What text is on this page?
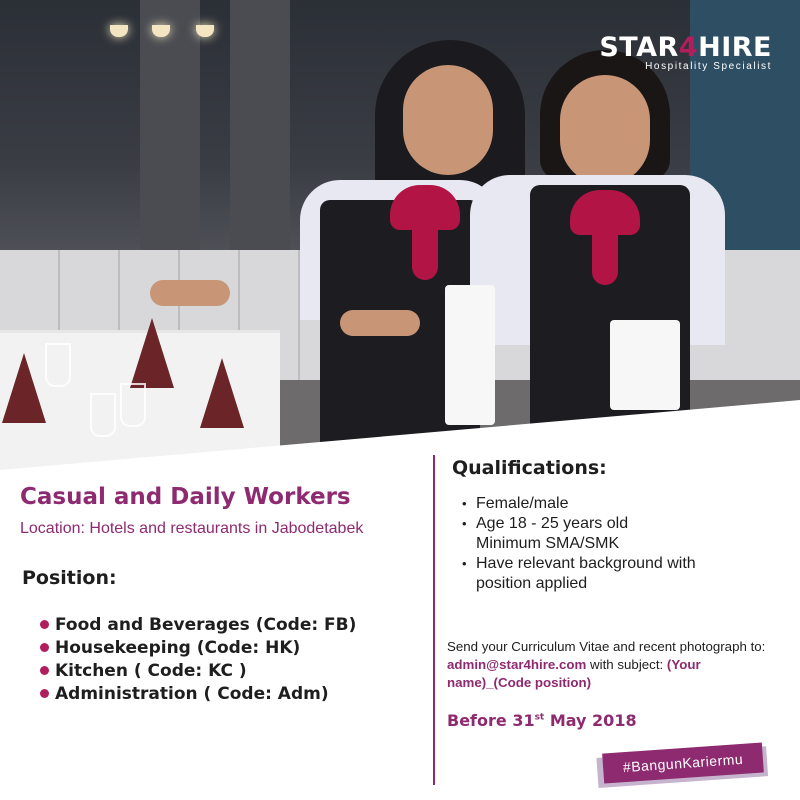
STAR4HIRE
Hospitality Specialist
Casual and Daily Workers
Location: Hotels and restaurants in Jabodetabek
Position:
Food and Beverages (Code: FB)
Housekeeping (Code: HK)
Kitchen ( Code: KC )
Administration ( Code: Adm)
Qualifications:
• Female/male
• Age 18 - 25 years old
Minimum SMA/SMK
• Have relevant background with
position applied
Send your Curriculum Vitae and recent photograph to: admin@star4hire.com with subject: (Your name)_(Code position)
Before 31st May 2018
#BangunKariermu
